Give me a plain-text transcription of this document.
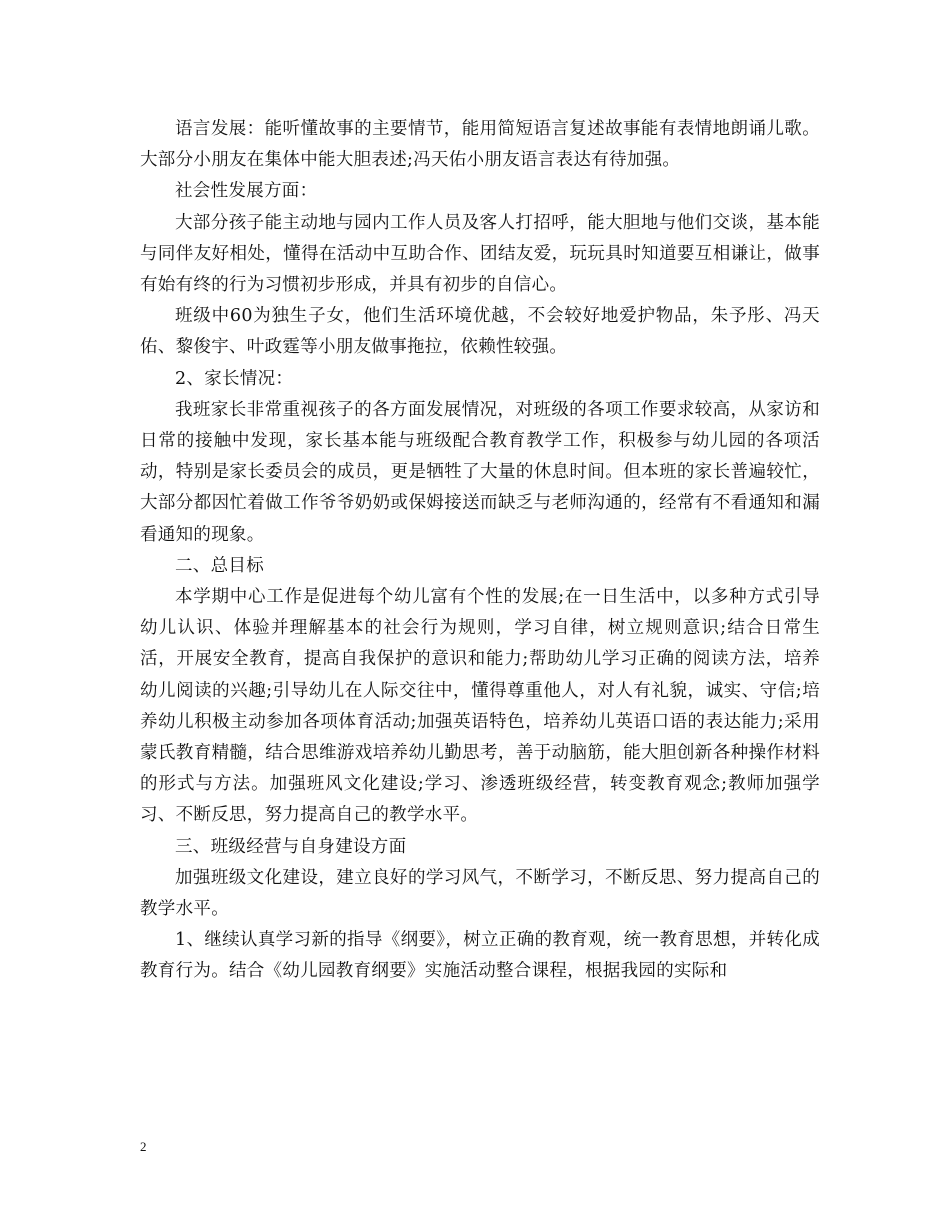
语言发展：能听懂故事的主要情节，能用简短语言复述故事能有表情地朗诵儿歌。大部分小朋友在集体中能大胆表述;冯天佑小朋友语言表达有待加强。

社会性发展方面：

大部分孩子能主动地与园内工作人员及客人打招呼，能大胆地与他们交谈，基本能与同伴友好相处，懂得在活动中互助合作、团结友爱，玩玩具时知道要互相谦让，做事有始有终的行为习惯初步形成，并具有初步的自信心。

班级中60为独生子女，他们生活环境优越，不会较好地爱护物品，朱予彤、冯天佑、黎俊宇、叶政霆等小朋友做事拖拉，依赖性较强。

2、家长情况：

我班家长非常重视孩子的各方面发展情况，对班级的各项工作要求较高，从家访和日常的接触中发现，家长基本能与班级配合教育教学工作，积极参与幼儿园的各项活动，特别是家长委员会的成员，更是牺牲了大量的休息时间。但本班的家长普遍较忙，大部分都因忙着做工作爷爷奶奶或保姆接送而缺乏与老师沟通的，经常有不看通知和漏看通知的现象。

二、总目标

本学期中心工作是促进每个幼儿富有个性的发展;在一日生活中，以多种方式引导幼儿认识、体验并理解基本的社会行为规则，学习自律，树立规则意识;结合日常生活，开展安全教育，提高自我保护的意识和能力;帮助幼儿学习正确的阅读方法，培养幼儿阅读的兴趣;引导幼儿在人际交往中，懂得尊重他人，对人有礼貌，诚实、守信;培养幼儿积极主动参加各项体育活动;加强英语特色，培养幼儿英语口语的表达能力;采用蒙氏教育精髓，结合思维游戏培养幼儿勤思考，善于动脑筋，能大胆创新各种操作材料的形式与方法。加强班风文化建设;学习、渗透班级经营，转变教育观念;教师加强学习、不断反思，努力提高自己的教学水平。

三、班级经营与自身建设方面

加强班级文化建设，建立良好的学习风气，不断学习，不断反思、努力提高自己的教学水平。

1、继续认真学习新的指导《纲要》，树立正确的教育观，统一教育思想，并转化成教育行为。结合《幼儿园教育纲要》实施活动整合课程，根据我园的实际和

2
